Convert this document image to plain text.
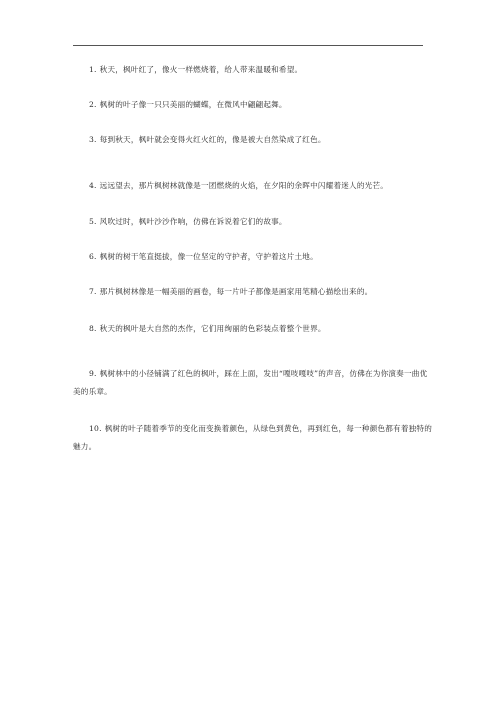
1. 秋天，枫叶红了，像火一样燃烧着，给人带来温暖和希望。
2. 枫树的叶子像一只只美丽的蝴蝶，在微风中翩翩起舞。
3. 每到秋天，枫叶就会变得火红火红的，像是被大自然染成了红色。
4. 远远望去，那片枫树林就像是一团燃烧的火焰，在夕阳的余晖中闪耀着迷人的光芒。
5. 风吹过时，枫叶沙沙作响，仿佛在诉说着它们的故事。
6. 枫树的树干笔直挺拔，像一位坚定的守护者，守护着这片土地。
7. 那片枫树林像是一幅美丽的画卷，每一片叶子都像是画家用笔精心描绘出来的。
8. 秋天的枫叶是大自然的杰作，它们用绚丽的色彩装点着整个世界。
9. 枫树林中的小径铺满了红色的枫叶，踩在上面，发出“嘎吱嘎吱”的声音，仿佛在为你演奏一曲优美的乐章。
10. 枫树的叶子随着季节的变化而变换着颜色，从绿色到黄色，再到红色，每一种颜色都有着独特的魅力。
